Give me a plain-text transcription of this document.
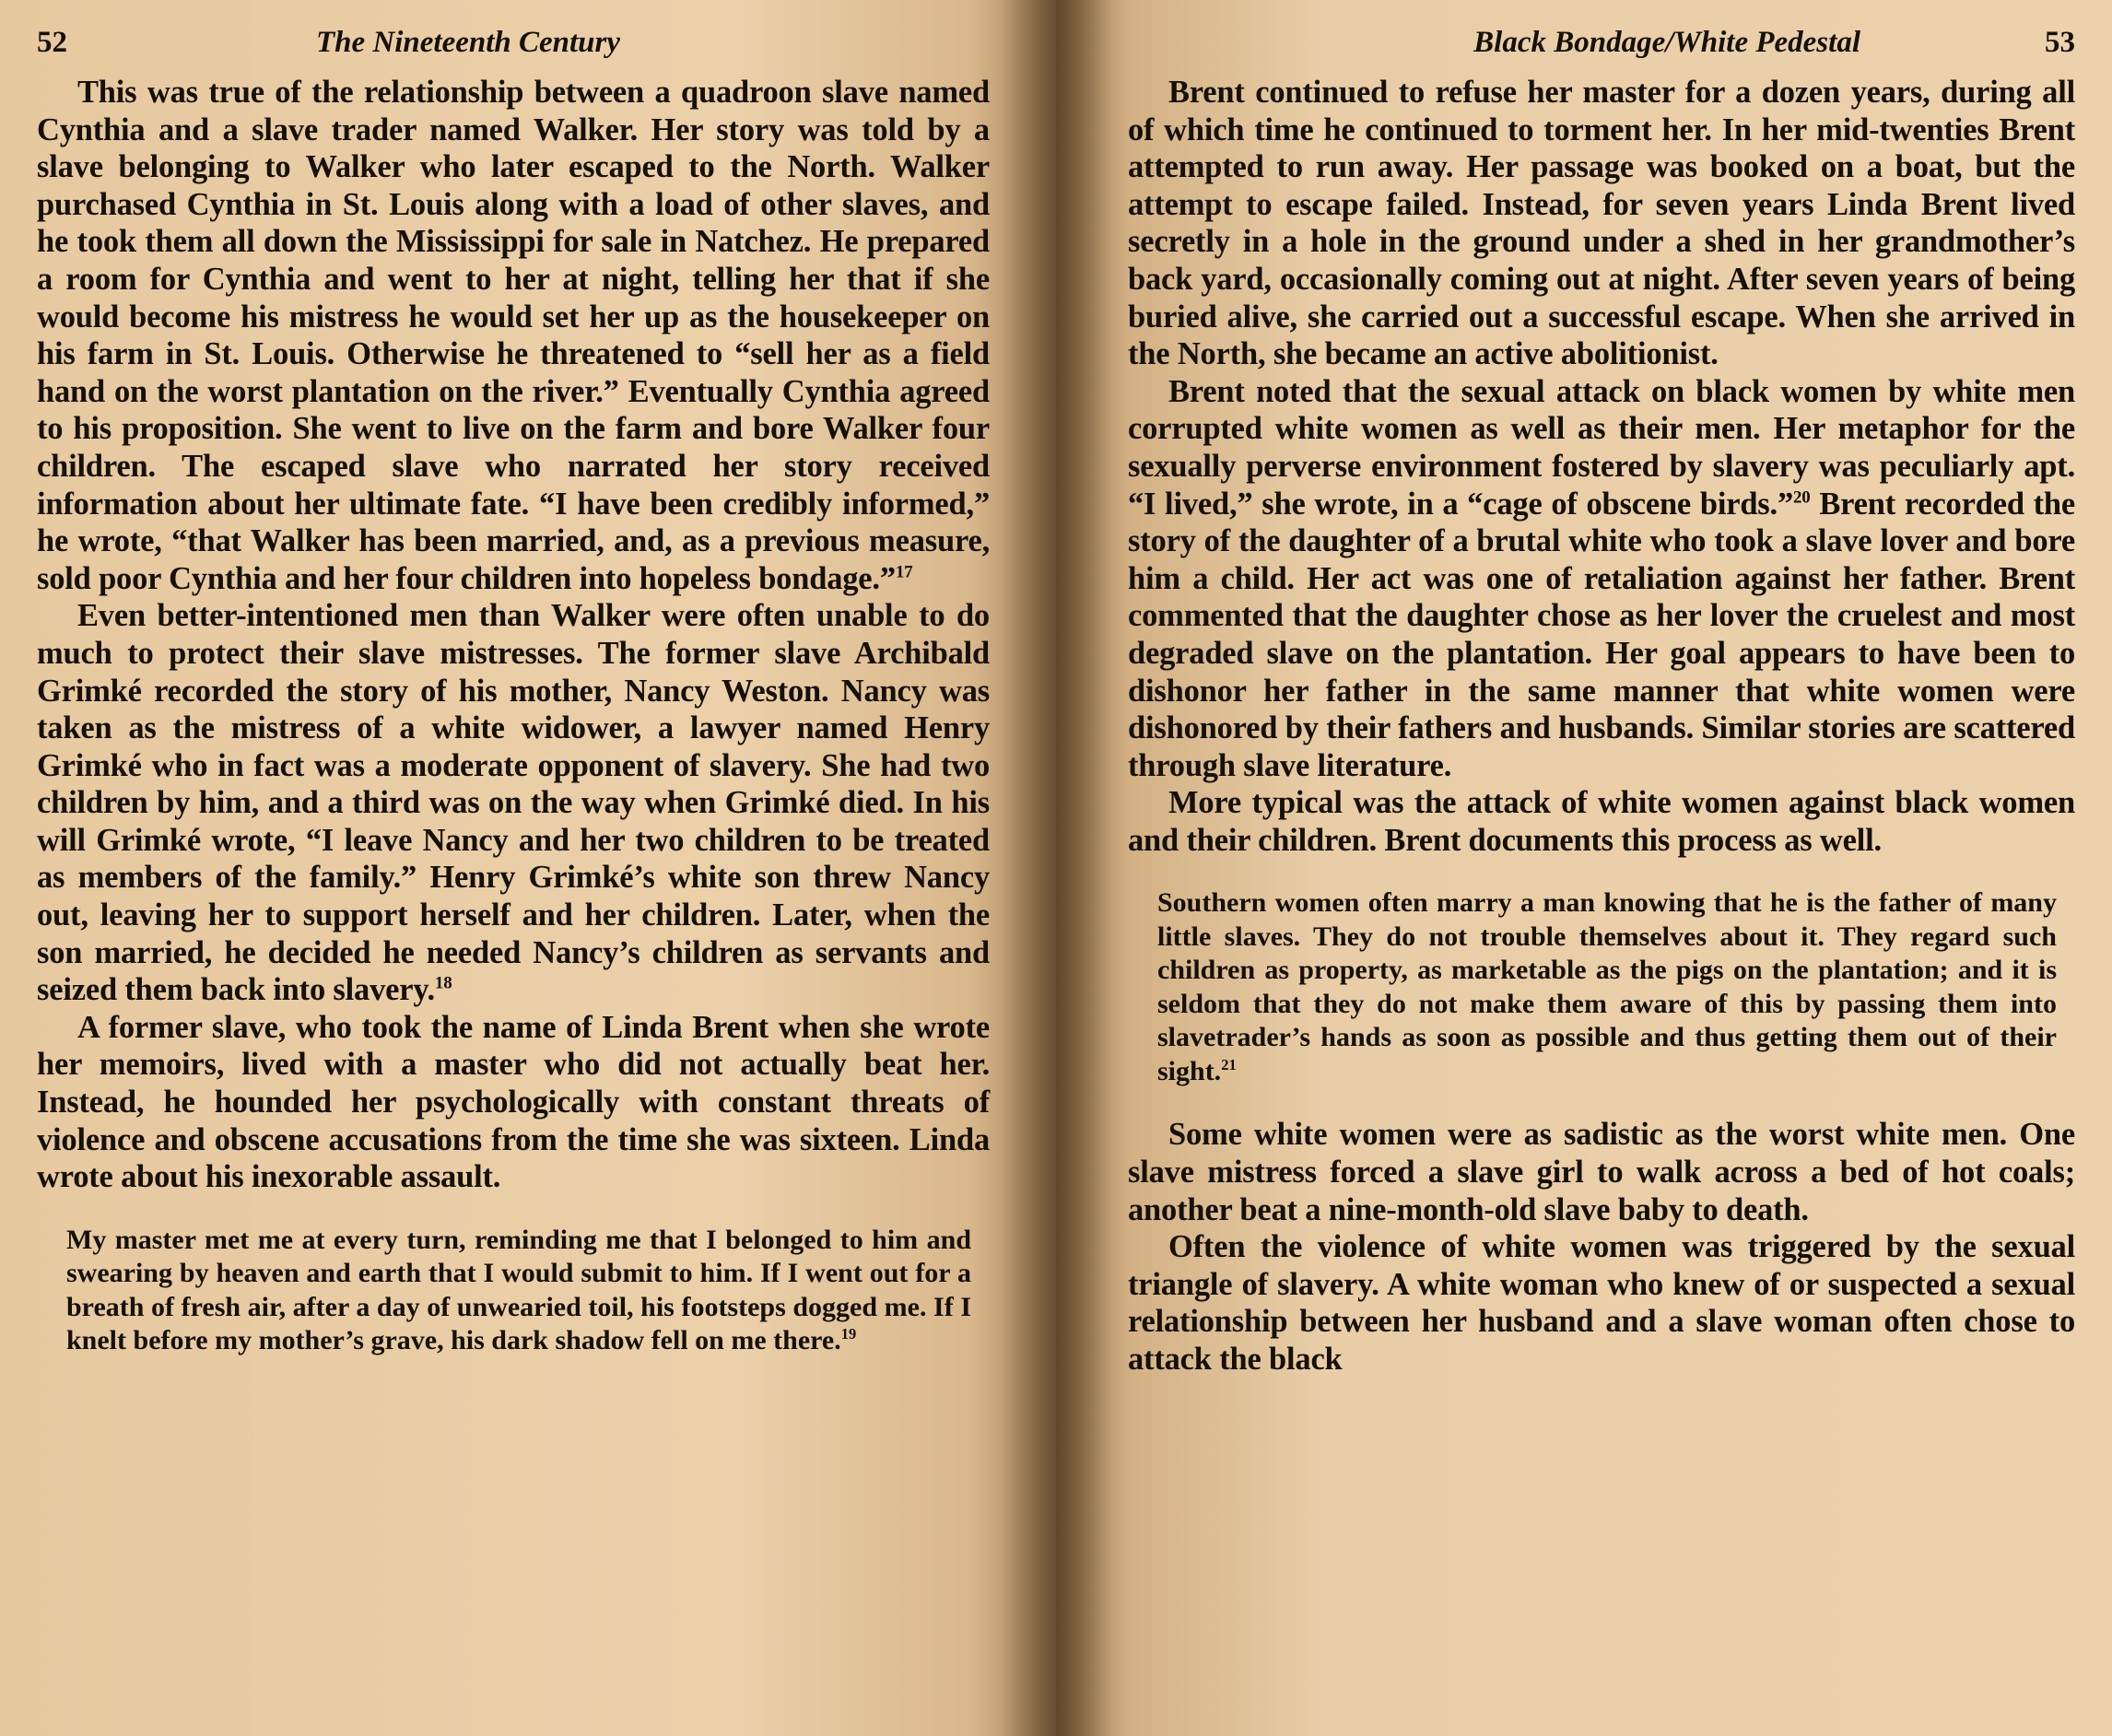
52	The Nineteenth Century

This was true of the relationship between a quadroon slave named Cynthia and a slave trader named Walker. Her story was told by a slave belonging to Walker who later escaped to the North. Walker purchased Cynthia in St. Louis along with a load of other slaves, and he took them all down the Mississippi for sale in Natchez. He prepared a room for Cynthia and went to her at night, telling her that if she would become his mistress he would set her up as the housekeeper on his farm in St. Louis. Otherwise he threatened to “sell her as a field hand on the worst plantation on the river.” Eventually Cynthia agreed to his proposition. She went to live on the farm and bore Walker four children. The escaped slave who narrated her story received information about her ultimate fate. “I have been credibly informed,” he wrote, “that Walker has been married, and, as a previous measure, sold poor Cynthia and her four children into hopeless bondage.”$^{17}$

Even better-intentioned men than Walker were often unable to do much to protect their slave mistresses. The former slave Archibald Grimké recorded the story of his mother, Nancy Weston. Nancy was taken as the mistress of a white widower, a lawyer named Henry Grimké who in fact was a moderate opponent of slavery. She had two children by him, and a third was on the way when Grimké died. In his will Grimké wrote, “I leave Nancy and her two children to be treated as members of the family.” Henry Grimké’s white son threw Nancy out, leaving her to support herself and her children. Later, when the son married, he decided he needed Nancy’s children as servants and seized them back into slavery.$^{18}$

A former slave, who took the name of Linda Brent when she wrote her memoirs, lived with a master who did not actually beat her. Instead, he hounded her psychologically with constant threats of violence and obscene accusations from the time she was sixteen. Linda wrote about his inexorable assault.

My master met me at every turn, reminding me that I belonged to him and swearing by heaven and earth that I would submit to him. If I went out for a breath of fresh air, after a day of unwearied toil, his footsteps dogged me. If I knelt before my mother’s grave, his dark shadow fell on me there.$^{19}$

Black Bondage/White Pedestal	53

Brent continued to refuse her master for a dozen years, during all of which time he continued to torment her. In her mid-twenties Brent attempted to run away. Her passage was booked on a boat, but the attempt to escape failed. Instead, for seven years Linda Brent lived secretly in a hole in the ground under a shed in her grandmother’s back yard, occasionally coming out at night. After seven years of being buried alive, she carried out a successful escape. When she arrived in the North, she became an active abolitionist.

Brent noted that the sexual attack on black women by white men corrupted white women as well as their men. Her metaphor for the sexually perverse environment fostered by slavery was peculiarly apt. “I lived,” she wrote, in a “cage of obscene birds.”$^{20}$ Brent recorded the story of the daughter of a brutal white who took a slave lover and bore him a child. Her act was one of retaliation against her father. Brent commented that the daughter chose as her lover the cruelest and most degraded slave on the plantation. Her goal appears to have been to dishonor her father in the same manner that white women were dishonored by their fathers and husbands. Similar stories are scattered through slave literature.

More typical was the attack of white women against black women and their children. Brent documents this process as well.

Southern women often marry a man knowing that he is the father of many little slaves. They do not trouble themselves about it. They regard such children as property, as marketable as the pigs on the plantation; and it is seldom that they do not make them aware of this by passing them into slavetrader’s hands as soon as possible and thus getting them out of their sight.$^{21}$

Some white women were as sadistic as the worst white men. One slave mistress forced a slave girl to walk across a bed of hot coals; another beat a nine-month-old slave baby to death.

Often the violence of white women was triggered by the sexual triangle of slavery. A white woman who knew of or suspected a sexual relationship between her husband and a slave woman often chose to attack the black
